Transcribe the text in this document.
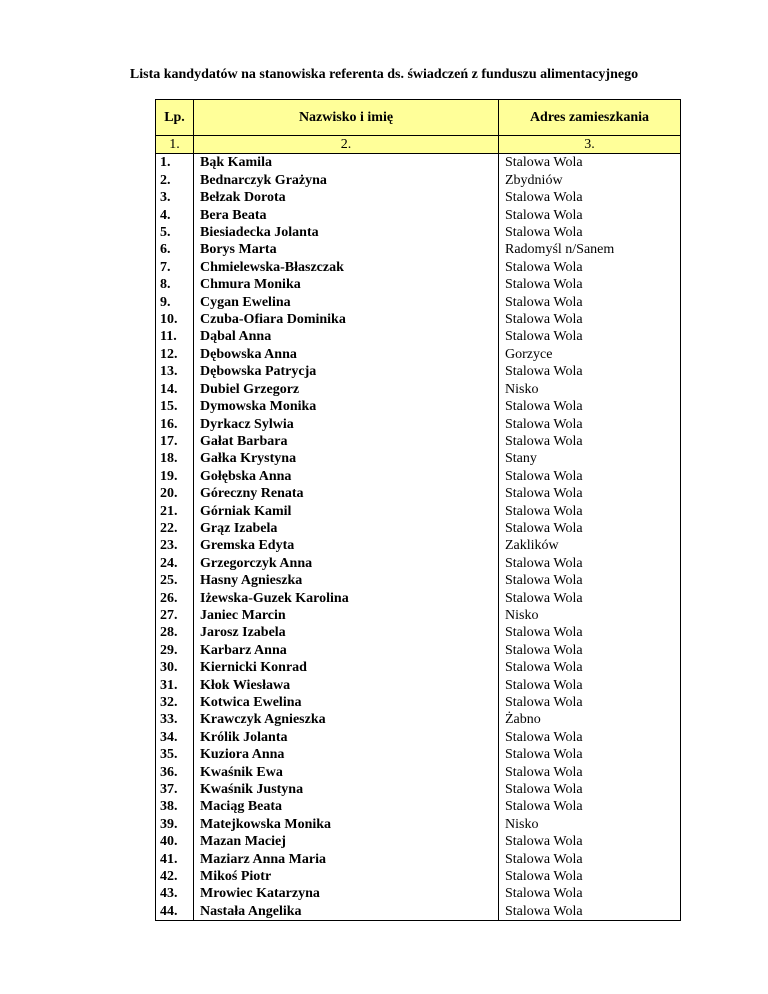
Lista kandydatów na stanowiska referenta ds. świadczeń z funduszu alimentacyjnego
Lp.	Nazwisko i imię	Adres zamieszkania
1.	2.	3.
1.	Bąk Kamila	Stalowa Wola
2.	Bednarczyk Grażyna	Zbydniów
3.	Bełzak Dorota	Stalowa Wola
4.	Bera Beata	Stalowa Wola
5.	Biesiadecka Jolanta	Stalowa Wola
6.	Borys Marta	Radomyśl n/Sanem
7.	Chmielewska-Błaszczak	Stalowa Wola
8.	Chmura Monika	Stalowa Wola
9.	Cygan Ewelina	Stalowa Wola
10.	Czuba-Ofiara Dominika	Stalowa Wola
11.	Dąbal Anna	Stalowa Wola
12.	Dębowska Anna	Gorzyce
13.	Dębowska Patrycja	Stalowa Wola
14.	Dubiel Grzegorz	Nisko
15.	Dymowska Monika	Stalowa Wola
16.	Dyrkacz Sylwia	Stalowa Wola
17.	Gałat Barbara	Stalowa Wola
18.	Gałka Krystyna	Stany
19.	Gołębska Anna	Stalowa Wola
20.	Góreczny Renata	Stalowa Wola
21.	Górniak Kamil	Stalowa Wola
22.	Grąz Izabela	Stalowa Wola
23.	Gremska Edyta	Zaklików
24.	Grzegorczyk Anna	Stalowa Wola
25.	Hasny Agnieszka	Stalowa Wola
26.	Iżewska-Guzek Karolina	Stalowa Wola
27.	Janiec Marcin	Nisko
28.	Jarosz Izabela	Stalowa Wola
29.	Karbarz Anna	Stalowa Wola
30.	Kiernicki Konrad	Stalowa Wola
31.	Kłok Wiesława	Stalowa Wola
32.	Kotwica Ewelina	Stalowa Wola
33.	Krawczyk Agnieszka	Żabno
34.	Królik Jolanta	Stalowa Wola
35.	Kuziora Anna	Stalowa Wola
36.	Kwaśnik Ewa	Stalowa Wola
37.	Kwaśnik Justyna	Stalowa Wola
38.	Maciąg Beata	Stalowa Wola
39.	Matejkowska Monika	Nisko
40.	Mazan Maciej	Stalowa Wola
41.	Maziarz Anna Maria	Stalowa Wola
42.	Mikoś Piotr	Stalowa Wola
43.	Mrowiec Katarzyna	Stalowa Wola
44.	Nastała Angelika	Stalowa Wola
